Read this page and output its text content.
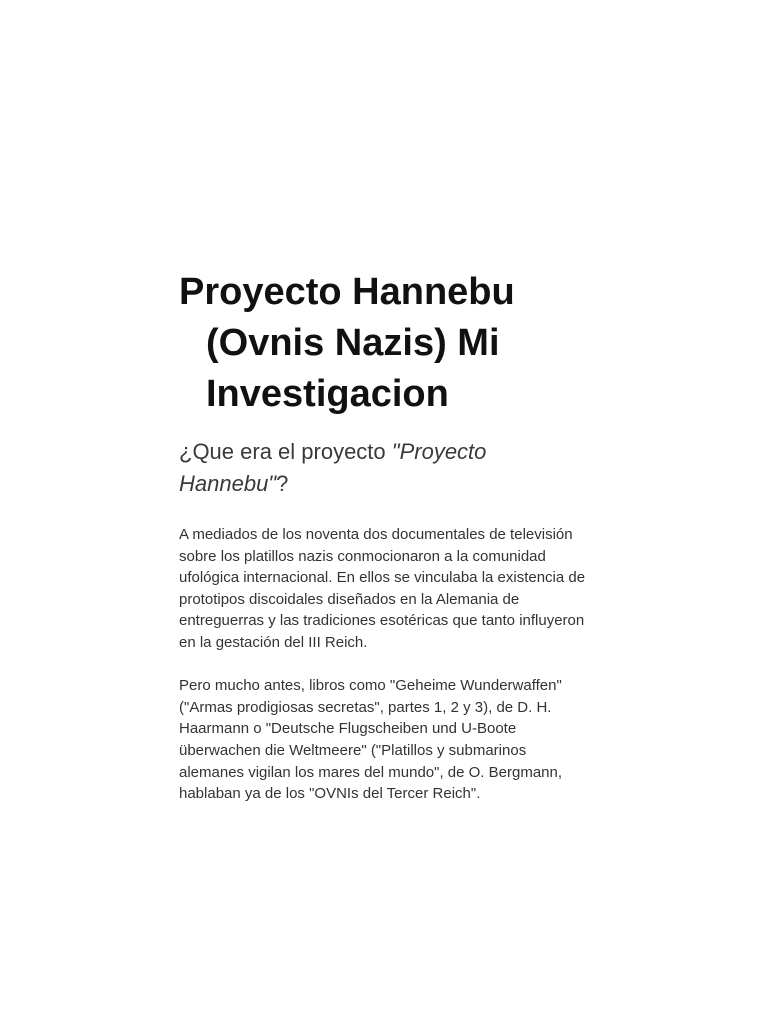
Proyecto Hannebu (Ovnis Nazis) Mi Investigacion
¿Que era el proyecto "Proyecto Hannebu"?

A mediados de los noventa dos documentales de televisión sobre los platillos nazis conmocionaron a la comunidad ufológica internacional. En ellos se vinculaba la existencia de prototipos discoidales diseñados en la Alemania de entreguerras y las tradiciones esotéricas que tanto influyeron en la gestación del III Reich.

Pero mucho antes, libros como "Geheime Wunderwaffen" ("Armas prodigiosas secretas", partes 1, 2 y 3), de D. H. Haarmann o "Deutsche Flugscheiben und U-Boote überwachen die Weltmeere" ("Platillos y submarinos alemanes vigilan los mares del mundo", de O. Bergmann, hablaban ya de los "OVNIs del Tercer Reich".
